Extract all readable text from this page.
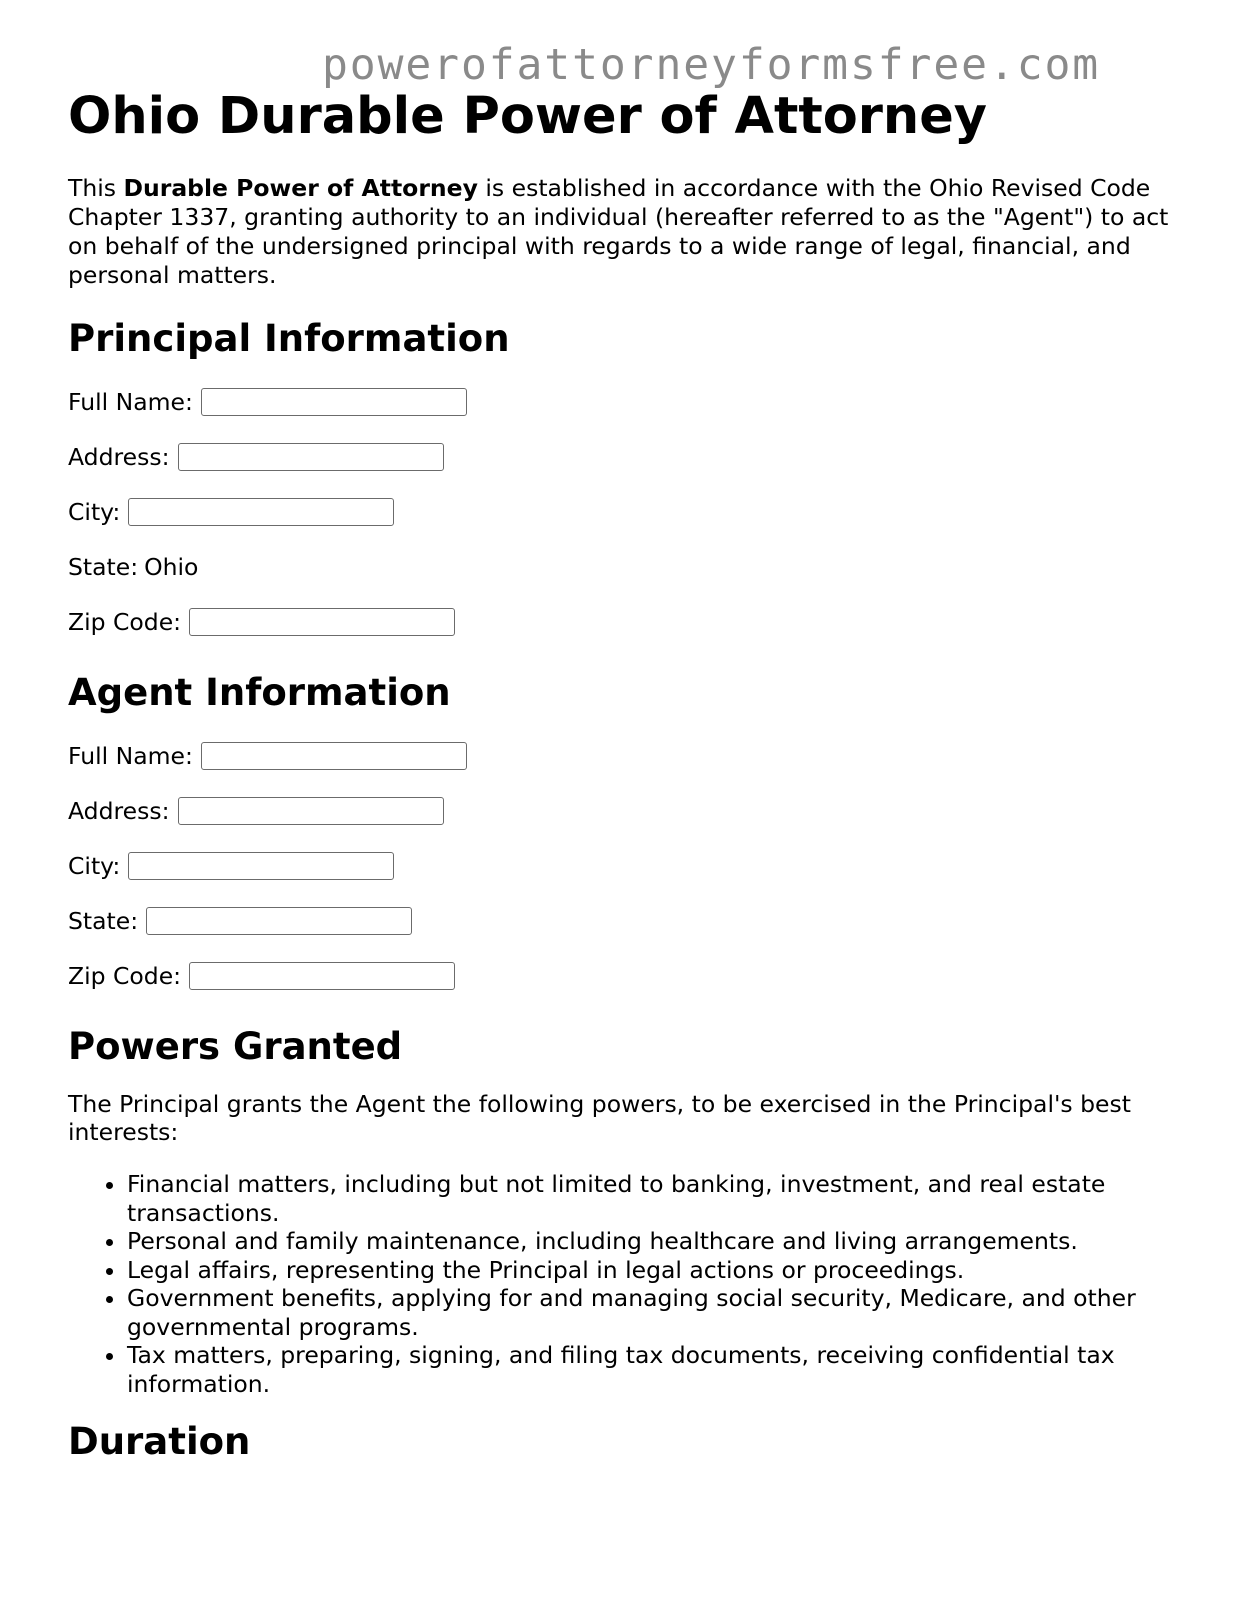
powerofattorneyformsfree.com
Ohio Durable Power of Attorney

This Durable Power of Attorney is established in accordance with the Ohio Revised Code Chapter 1337, granting authority to an individual (hereafter referred to as the "Agent") to act on behalf of the undersigned principal with regards to a wide range of legal, financial, and personal matters.

Principal Information
Full Name:
Address:
City:
State: Ohio
Zip Code:
Agent Information
Full Name:
Address:
City:
State:
Zip Code:
Powers Granted

The Principal grants the Agent the following powers, to be exercised in the Principal's best interests:

• Financial matters, including but not limited to banking, investment, and real estate transactions.
• Personal and family maintenance, including healthcare and living arrangements.
• Legal affairs, representing the Principal in legal actions or proceedings.
• Government benefits, applying for and managing social security, Medicare, and other governmental programs.
• Tax matters, preparing, signing, and filing tax documents, receiving confidential tax information.
Duration
